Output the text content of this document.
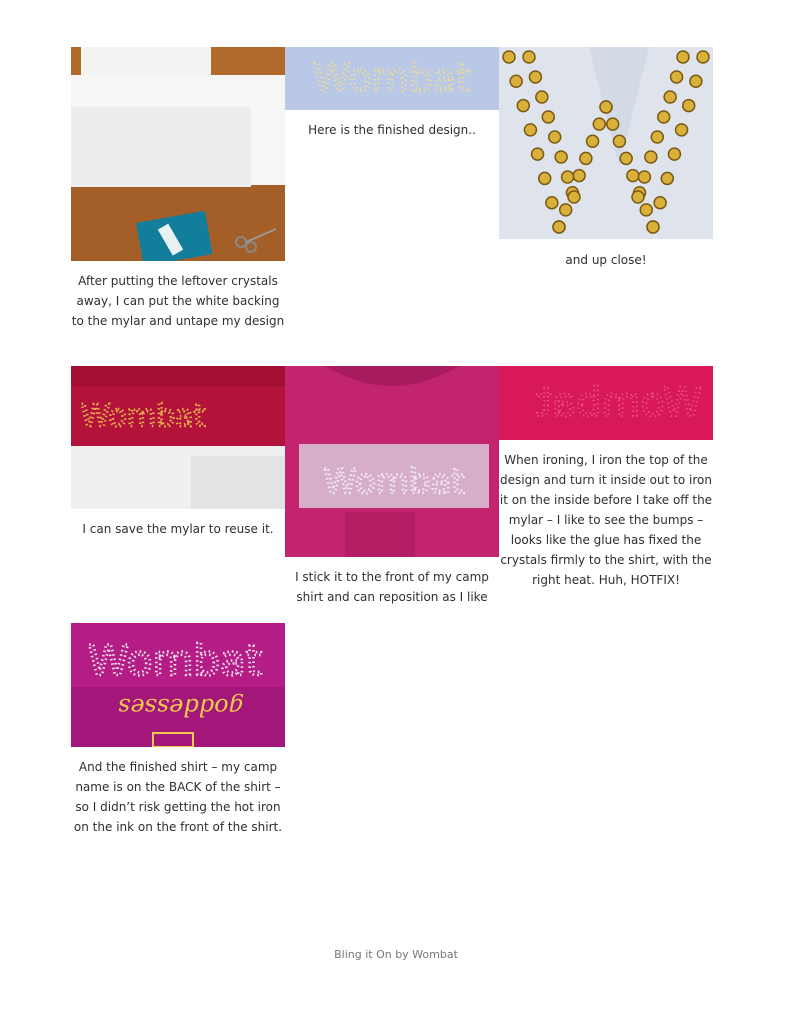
Wombat
Wombat
Wombat
Wombat
Wombat
goddesses
After putting the leftover crystals away, I can put the white backing to the mylar and untape my design
Here is the finished design..
and up close!
I can save the mylar to reuse it.
I stick it to the front of my camp shirt and can reposition as I like
When ironing, I iron the top of the design and turn it inside out to iron it on the inside before I take off the mylar – I like to see the bumps – looks like the glue has fixed the crystals firmly to the shirt, with the right heat. Huh, HOTFIX!
And the finished shirt – my camp name is on the BACK of the shirt – so I didn’t risk getting the hot iron on the ink on the front of the shirt.
Bling it On by Wombat
